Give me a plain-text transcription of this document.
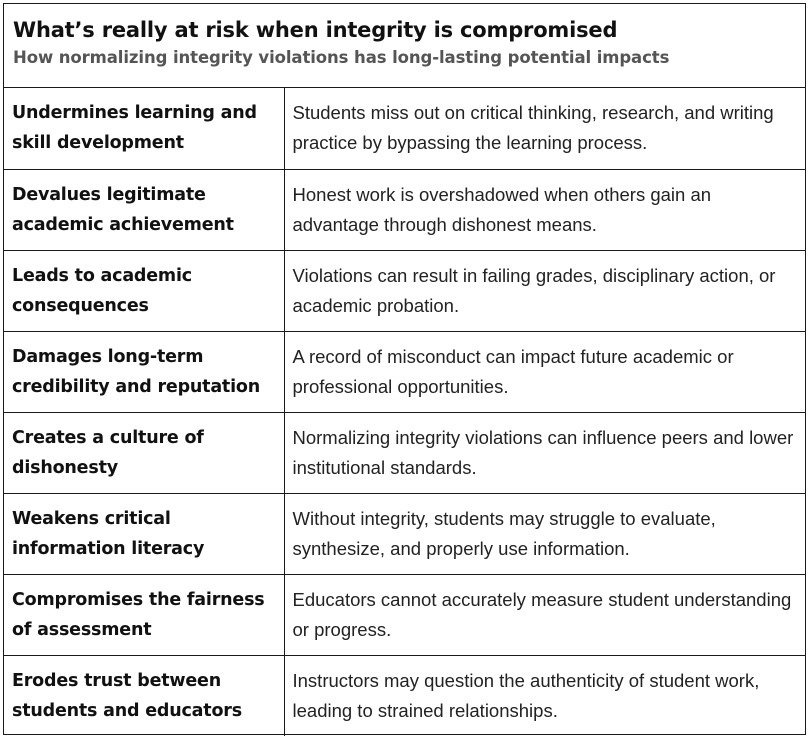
What’s really at risk when integrity is compromised
How normalizing integrity violations has long-lasting potential impacts
Undermines learning and skill development	Students miss out on critical thinking, research, and writing practice by bypassing the learning process.
Devalues legitimate academic achievement	Honest work is overshadowed when others gain an advantage through dishonest means.
Leads to academic consequences	Violations can result in failing grades, disciplinary action, or academic probation.
Damages long-term credibility and reputation	A record of misconduct can impact future academic or professional opportunities.
Creates a culture of dishonesty	Normalizing integrity violations can influence peers and lower institutional standards.
Weakens critical information literacy	Without integrity, students may struggle to evaluate, synthesize, and properly use information.
Compromises the fairness of assessment	Educators cannot accurately measure student understanding or progress.
Erodes trust between students and educators	Instructors may question the authenticity of student work, leading to strained relationships.
